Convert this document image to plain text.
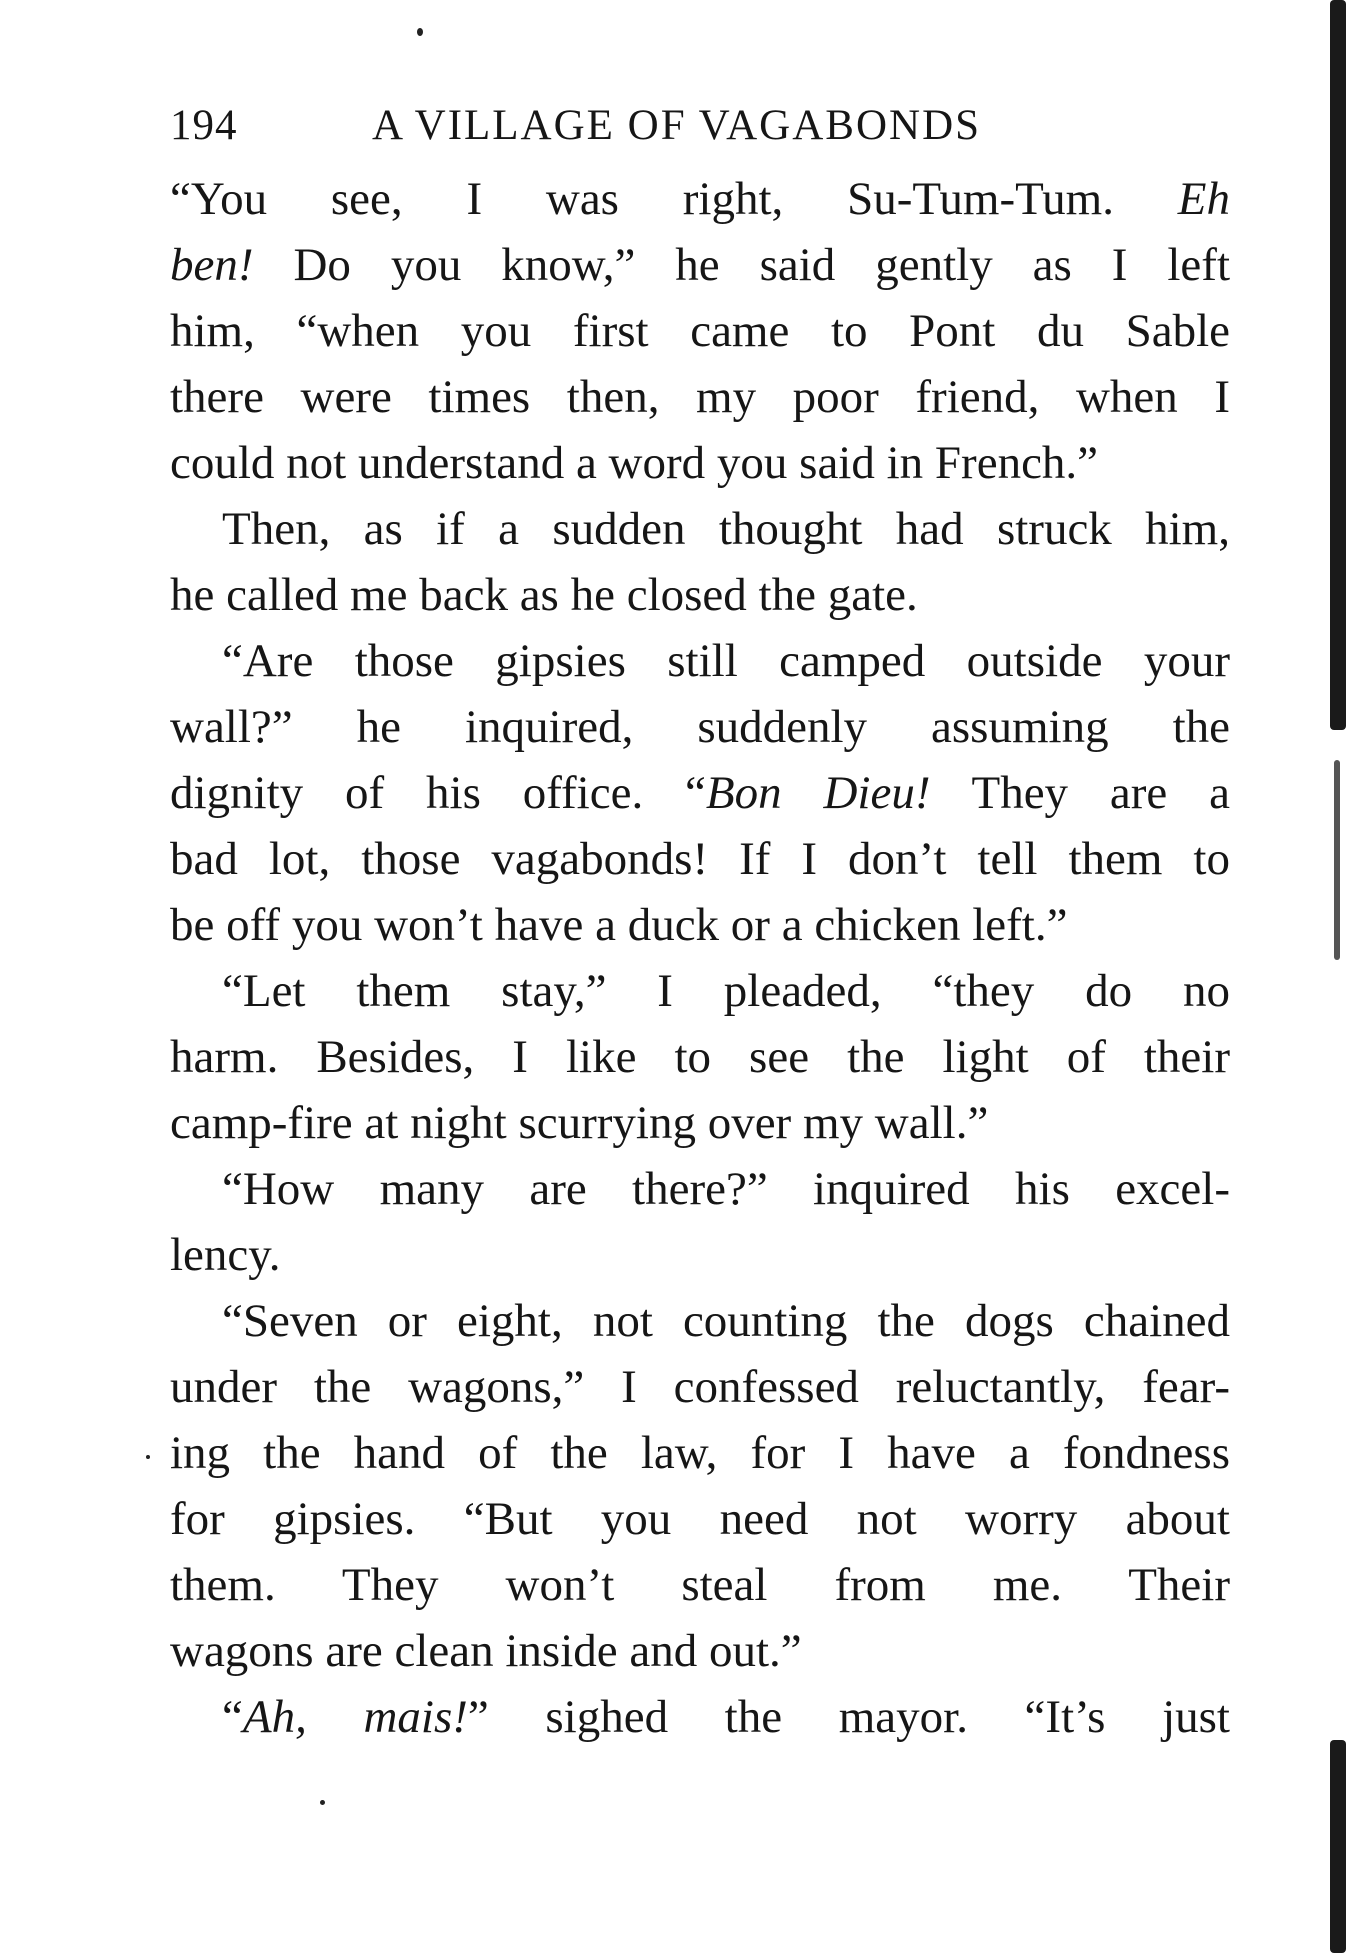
194	A VILLAGE OF VAGABONDS
“You see, I was right, Su-Tum-Tum. Eh
ben! Do you know,” he said gently as I left
him, “when you first came to Pont du Sable
there were times then, my poor friend, when I
could not understand a word you said in French.”
Then, as if a sudden thought had struck him,
he called me back as he closed the gate.
“Are those gipsies still camped outside your
wall?” he inquired, suddenly assuming the
dignity of his office. “Bon Dieu! They are a
bad lot, those vagabonds! If I don’t tell them to
be off you won’t have a duck or a chicken left.”
“Let them stay,” I pleaded, “they do no
harm. Besides, I like to see the light of their
camp-fire at night scurrying over my wall.”
“How many are there?” inquired his excel-
lency.
“Seven or eight, not counting the dogs chained
under the wagons,” I confessed reluctantly, fear-
ing the hand of the law, for I have a fondness
for gipsies. “But you need not worry about
them. They won’t steal from me. Their
wagons are clean inside and out.”
“Ah, mais!” sighed the mayor. “It’s just
